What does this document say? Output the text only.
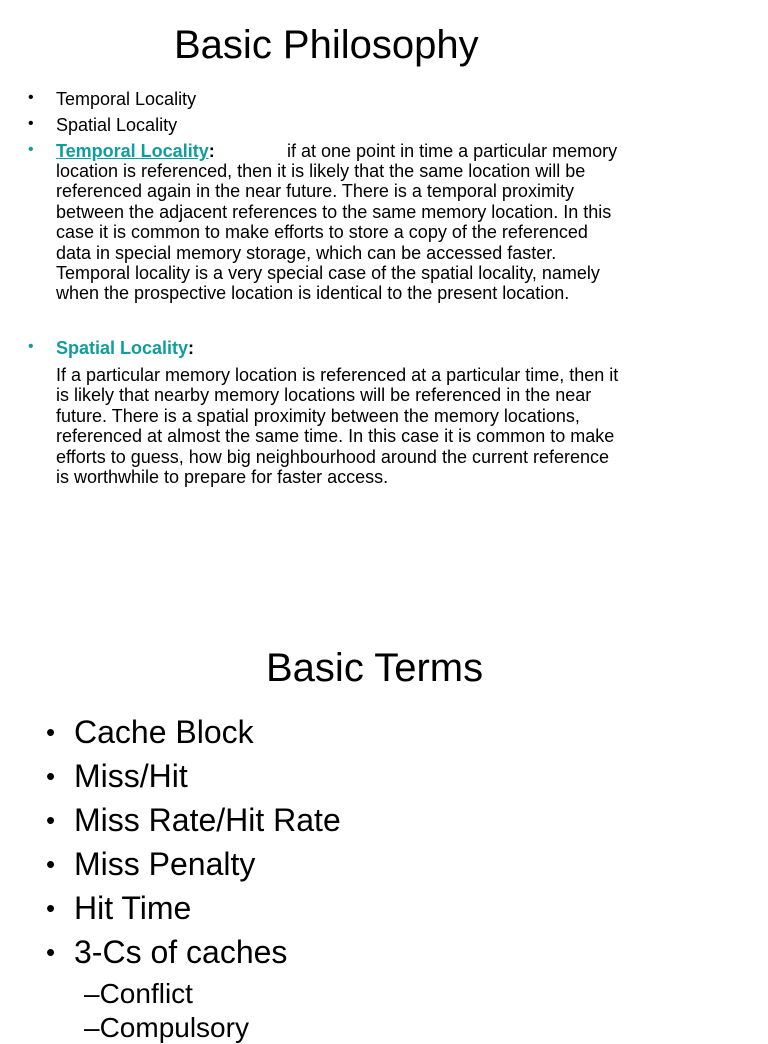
Basic Philosophy
• Temporal Locality
• Spatial Locality
• Temporal Locality:	if at one point in time a particular memory
location is referenced, then it is likely that the same location will be
referenced again in the near future. There is a temporal proximity
between the adjacent references to the same memory location. In this
case it is common to make efforts to store a copy of the referenced
data in special memory storage, which can be accessed faster.
Temporal locality is a very special case of the spatial locality, namely
when the prospective location is identical to the present location.
• Spatial Locality:
If a particular memory location is referenced at a particular time, then it
is likely that nearby memory locations will be referenced in the near
future. There is a spatial proximity between the memory locations,
referenced at almost the same time. In this case it is common to make
efforts to guess, how big neighbourhood around the current reference
is worthwhile to prepare for faster access.
Basic Terms
• Cache Block
• Miss/Hit
• Miss Rate/Hit Rate
• Miss Penalty
• Hit Time
• 3-Cs of caches
–Conflict
–Compulsory
